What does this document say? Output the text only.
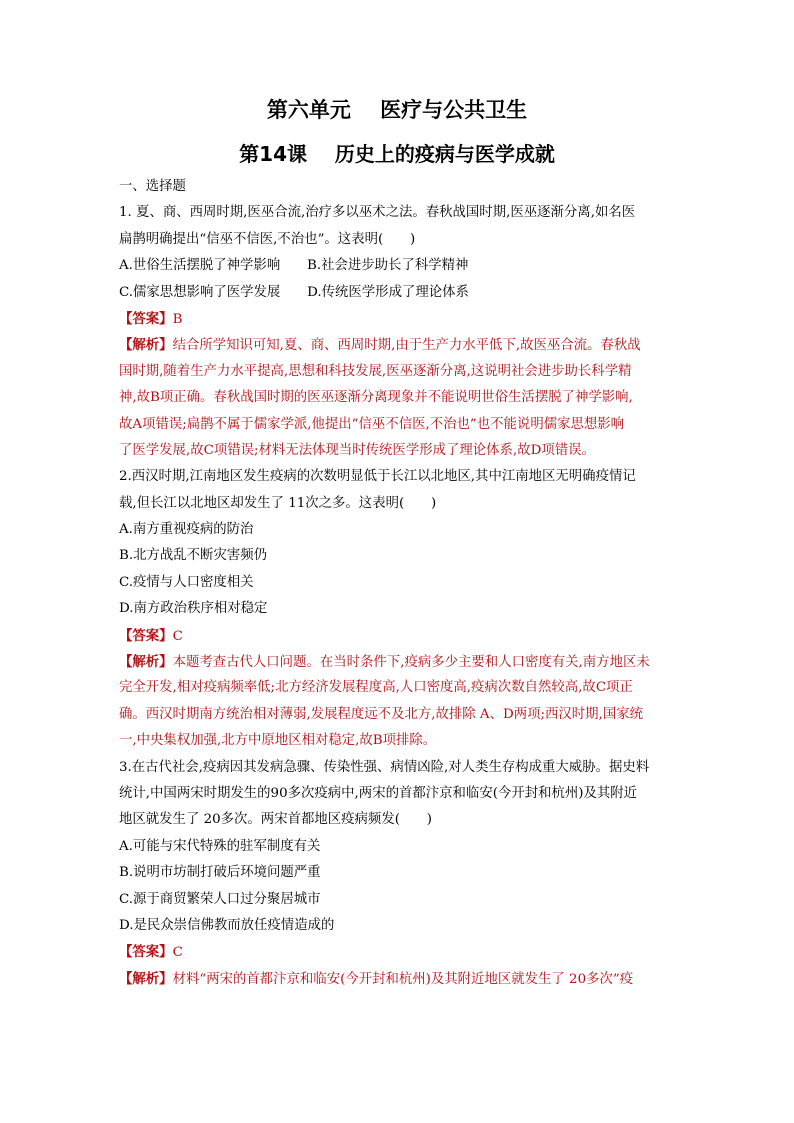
第六单元    医疗与公共卫生
第14课    历史上的疫病与医学成就
一、选择题
1. 夏、商、西周时期,医巫合流,治疗多以巫术之法。春秋战国时期,医巫逐渐分离,如名医
扁鹊明确提出“信巫不信医,不治也”。这表明(　　)
A.世俗生活摆脱了神学影响　　B.社会进步助长了科学精神
C.儒家思想影响了医学发展　　D.传统医学形成了理论体系
【答案】B
【解析】结合所学知识可知,夏、商、西周时期,由于生产力水平低下,故医巫合流。春秋战
国时期,随着生产力水平提高,思想和科技发展,医巫逐渐分离,这说明社会进步助长科学精
神,故B项正确。春秋战国时期的医巫逐渐分离现象并不能说明世俗生活摆脱了神学影响,
故A项错误;扁鹊不属于儒家学派,他提出“信巫不信医,不治也”也不能说明儒家思想影响
了医学发展,故C项错误;材料无法体现当时传统医学形成了理论体系,故D项错误。
2.西汉时期,江南地区发生疫病的次数明显低于长江以北地区,其中江南地区无明确疫情记
载,但长江以北地区却发生了 11次之多。这表明(　　)
A.南方重视疫病的防治
B.北方战乱不断灾害频仍
C.疫情与人口密度相关
D.南方政治秩序相对稳定
【答案】C
【解析】本题考查古代人口问题。在当时条件下,疫病多少主要和人口密度有关,南方地区未
完全开发,相对疫病频率低;北方经济发展程度高,人口密度高,疫病次数自然较高,故C项正
确。西汉时期南方统治相对薄弱,发展程度远不及北方,故排除 A、D两项;西汉时期,国家统
一,中央集权加强,北方中原地区相对稳定,故B项排除。
3.在古代社会,疫病因其发病急骤、传染性强、病情凶险,对人类生存构成重大威胁。据史料
统计,中国两宋时期发生的90多次疫病中,两宋的首都汴京和临安(今开封和杭州)及其附近
地区就发生了 20多次。两宋首都地区疫病频发(　　)
A.可能与宋代特殊的驻军制度有关
B.说明市坊制打破后环境问题严重
C.源于商贸繁荣人口过分聚居城市
D.是民众崇信佛教而放任疫情造成的
【答案】C
【解析】材料“两宋的首都汴京和临安(今开封和杭州)及其附近地区就发生了 20多次”疫
